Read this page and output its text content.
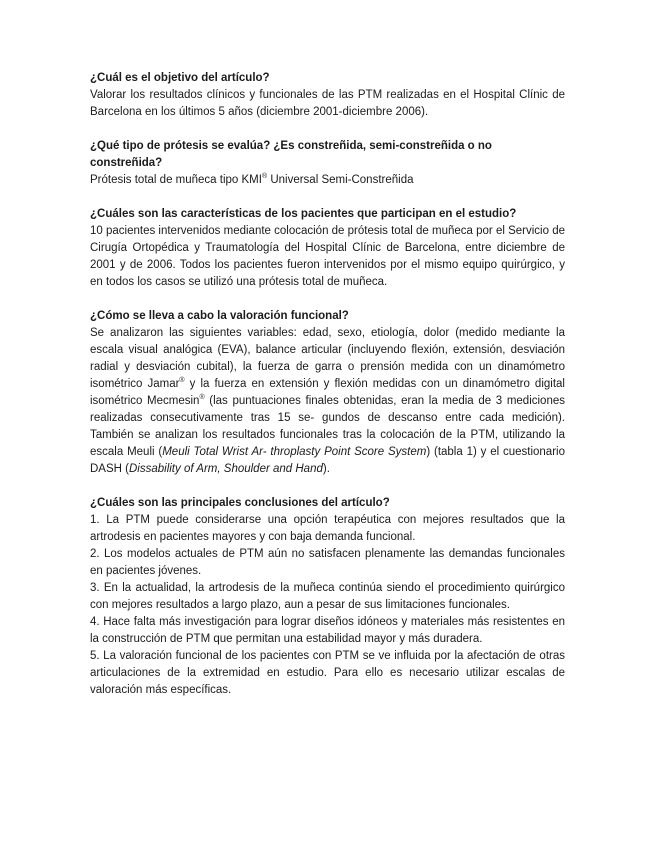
¿Cuál es el objetivo del artículo?

Valorar los resultados clínicos y funcionales de las PTM realizadas en el Hospital Clínic de Barcelona en los últimos 5 años (diciembre 2001-diciembre 2006).

¿Qué tipo de prótesis se evalúa? ¿Es constreñida, semi-constreñida o no constreñida?

Prótesis total de muñeca tipo KMI® Universal Semi-Constreñida

¿Cuáles son las características de los pacientes que participan en el estudio?

10 pacientes intervenidos mediante colocación de prótesis total de muñeca por el Servicio de Cirugía Ortopédica y Traumatología del Hospital Clínic de Barcelona, entre diciembre de 2001 y de 2006. Todos los pacientes fueron intervenidos por el mismo equipo quirúrgico, y en todos los casos se utilizó una prótesis total de muñeca.

¿Cómo se lleva a cabo la valoración funcional?

Se analizaron las siguientes variables: edad, sexo, etiología, dolor (medido mediante la escala visual analógica (EVA), balance articular (incluyendo flexión, extensión, desviación radial y desviación cubital), la fuerza de garra o prensión medida con un dinamómetro isométrico Jamar® y la fuerza en extensión y flexión medidas con un dinamómetro digital isométrico Mecmesin® (las puntuaciones finales obtenidas, eran la media de 3 mediciones realizadas consecutivamente tras 15 se- gundos de descanso entre cada medición). También se analizan los resultados funcionales tras la colocación de la PTM, utilizando la escala Meuli (Meuli Total Wrist Ar- throplasty Point Score System) (tabla 1) y el cuestionario DASH (Dissability of Arm, Shoulder and Hand).

¿Cuáles son las principales conclusiones del artículo?

1. La PTM puede considerarse una opción terapéutica con mejores resultados que la artrodesis en pacientes mayores y con baja demanda funcional.

2. Los modelos actuales de PTM aún no satisfacen plenamente las demandas funcionales en pacientes jóvenes.

3. En la actualidad, la artrodesis de la muñeca continúa siendo el procedimiento quirúrgico con mejores resultados a largo plazo, aun a pesar de sus limitaciones funcionales.

4. Hace falta más investigación para lograr diseños idóneos y materiales más resistentes en la construcción de PTM que permitan una estabilidad mayor y más duradera.

5. La valoración funcional de los pacientes con PTM se ve influida por la afectación de otras articulaciones de la extremidad en estudio. Para ello es necesario utilizar escalas de valoración más específicas.
